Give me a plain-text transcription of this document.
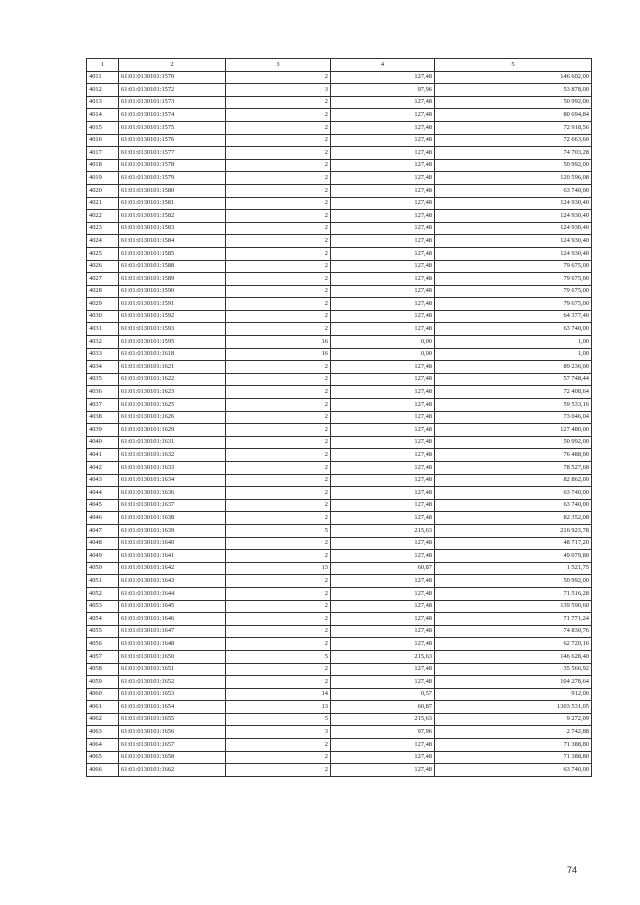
1	2	3	4	5
4011	61:01:0130101:1570	2	127,48	146 602,00
4012	61:01:0130101:1572	3	97,96	53 878,00
4013	61:01:0130101:1573	2	127,48	50 992,00
4014	61:01:0130101:1574	2	127,48	80 694,84
4015	61:01:0130101:1575	2	127,48	72 918,56
4016	61:01:0130101:1576	2	127,48	72 663,60
4017	61:01:0130101:1577	2	127,48	74 703,28
4018	61:01:0130101:1578	2	127,48	50 992,00
4019	61:01:0130101:1579	2	127,48	120 596,08
4020	61:01:0130101:1580	2	127,48	63 740,00
4021	61:01:0130101:1581	2	127,48	124 930,40
4022	61:01:0130101:1582	2	127,48	124 930,40
4023	61:01:0130101:1583	2	127,48	124 930,40
4024	61:01:0130101:1584	2	127,48	124 930,40
4025	61:01:0130101:1585	2	127,48	124 930,40
4026	61:01:0130101:1588	2	127,48	79 675,00
4027	61:01:0130101:1589	2	127,48	79 675,00
4028	61:01:0130101:1590	2	127,48	79 675,00
4029	61:01:0130101:1591	2	127,48	79 675,00
4030	61:01:0130101:1592	2	127,48	64 377,40
4031	61:01:0130101:1593	2	127,48	63 740,00
4032	61:01:0130101:1595	16	0,00	1,00
4033	61:01:0130101:1618	16	0,00	1,00
4034	61:01:0130101:1621	2	127,48	89 236,00
4035	61:01:0130101:1622	2	127,48	57 748,44
4036	61:01:0130101:1623	2	127,48	72 408,64
4037	61:01:0130101:1625	2	127,48	59 533,16
4038	61:01:0130101:1626	2	127,48	73 046,04
4039	61:01:0130101:1629	2	127,48	127 480,00
4040	61:01:0130101:1631	2	127,48	50 992,00
4041	61:01:0130101:1632	2	127,48	76 488,00
4042	61:01:0130101:1633	2	127,48	78 527,68
4043	61:01:0130101:1634	2	127,48	82 862,00
4044	61:01:0130101:1636	2	127,48	63 740,00
4045	61:01:0130101:1637	2	127,48	63 740,00
4046	61:01:0130101:1638	2	127,48	82 352,08
4047	61:01:0130101:1639	5	215,63	216 923,78
4048	61:01:0130101:1640	2	127,48	48 717,20
4049	61:01:0130101:1641	2	127,48	49 079,80
4050	61:01:0130101:1642	13	60,87	1 521,75
4051	61:01:0130101:1643	2	127,48	50 992,00
4052	61:01:0130101:1644	2	127,48	71 516,28
4053	61:01:0130101:1645	2	127,48	139 590,60
4054	61:01:0130101:1646	2	127,48	71 771,24
4055	61:01:0130101:1647	2	127,48	74 830,76
4056	61:01:0130101:1648	2	127,48	62 720,16
4057	61:01:0130101:1650	5	215,63	146 628,40
4058	61:01:0130101:1651	2	127,48	35 566,92
4059	61:01:0130101:1652	2	127,48	104 278,64
4060	61:01:0130101:1653	14	0,57	912,00
4061	61:01:0130101:1654	13	60,87	1303 531,05
4062	61:01:0130101:1655	5	215,63	9 272,09
4063	61:01:0130101:1656	3	97,96	2 742,88
4064	61:01:0130101:1657	2	127,48	71 388,80
4065	61:01:0130101:1658	2	127,48	71 388,80
4066	61:01:0130101:1662	2	127,48	63 740,00
74
